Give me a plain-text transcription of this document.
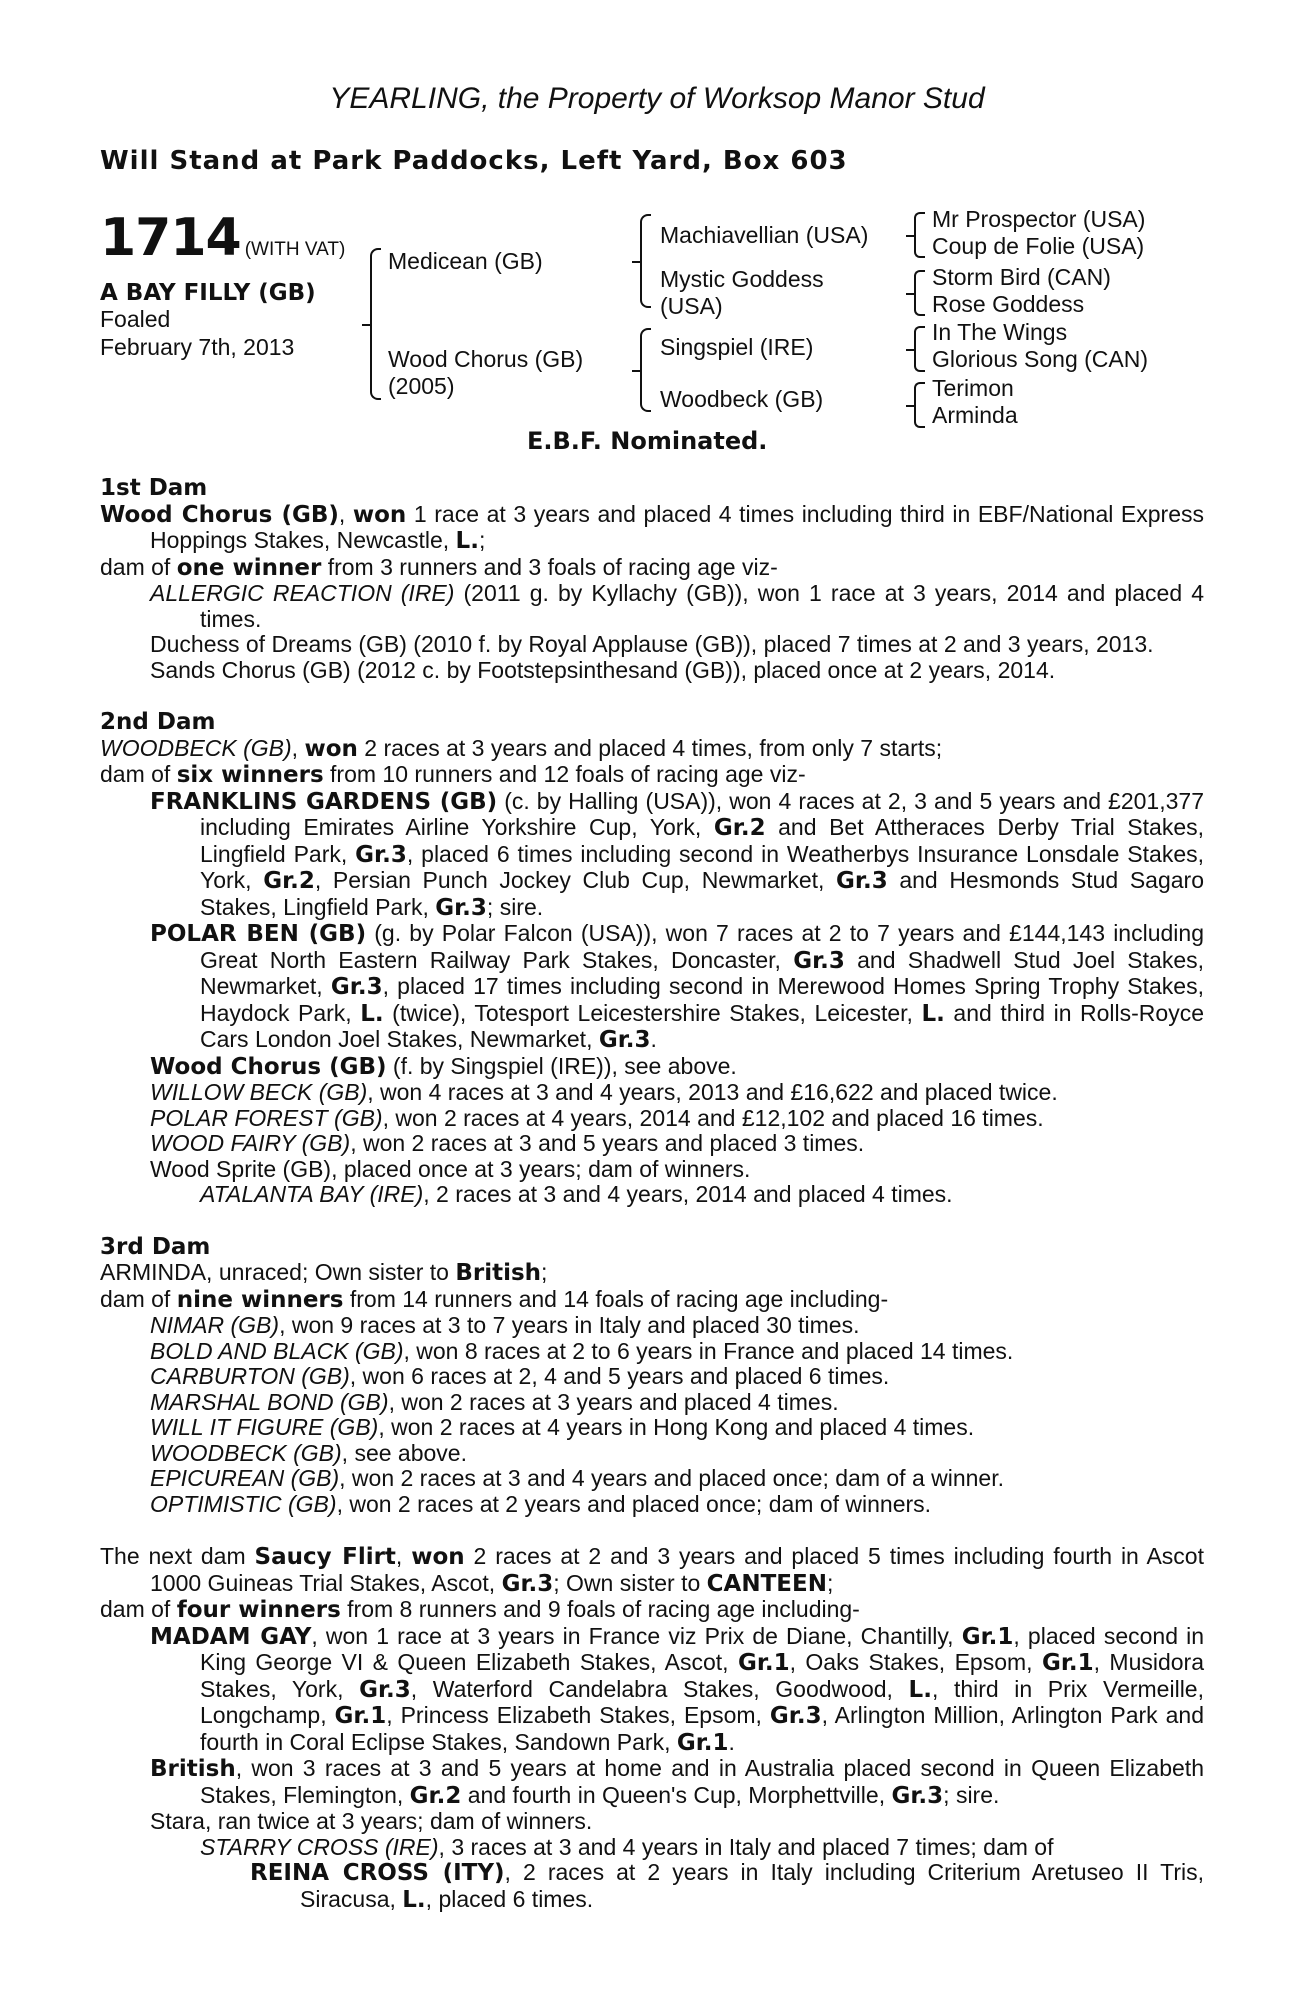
YEARLING, the Property of Worksop Manor Stud
Will Stand at Park Paddocks, Left Yard, Box 603
1714 (WITH VAT)
A BAY FILLY (GB)
Foaled
February 7th, 2013
Medicean (GB)
Wood Chorus (GB)
(2005)
Machiavellian (USA)
Mystic Goddess
(USA)
Singspiel (IRE)
Woodbeck (GB)
Mr Prospector (USA)
Coup de Folie (USA)
Storm Bird (CAN)
Rose Goddess
In The Wings
Glorious Song (CAN)
Terimon
Arminda
E.B.F. Nominated.

1st Dam

Wood Chorus (GB), won 1 race at 3 years and placed 4 times including third in EBF/National Express Hoppings Stakes, Newcastle, L.;

dam of one winner from 3 runners and 3 foals of racing age viz-

ALLERGIC REACTION (IRE) (2011 g. by Kyllachy (GB)), won 1 race at 3 years, 2014 and placed 4 times.

Duchess of Dreams (GB) (2010 f. by Royal Applause (GB)), placed 7 times at 2 and 3 years, 2013.

Sands Chorus (GB) (2012 c. by Footstepsinthesand (GB)), placed once at 2 years, 2014.

2nd Dam

WOODBECK (GB), won 2 races at 3 years and placed 4 times, from only 7 starts;

dam of six winners from 10 runners and 12 foals of racing age viz-

FRANKLINS GARDENS (GB) (c. by Halling (USA)), won 4 races at 2, 3 and 5 years and £201,377 including Emirates Airline Yorkshire Cup, York, Gr.2 and Bet Attheraces Derby Trial Stakes, Lingfield Park, Gr.3, placed 6 times including second in Weatherbys Insurance Lonsdale Stakes, York, Gr.2, Persian Punch Jockey Club Cup, Newmarket, Gr.3 and Hesmonds Stud Sagaro Stakes, Lingfield Park, Gr.3; sire.

POLAR BEN (GB) (g. by Polar Falcon (USA)), won 7 races at 2 to 7 years and £144,143 including Great North Eastern Railway Park Stakes, Doncaster, Gr.3 and Shadwell Stud Joel Stakes, Newmarket, Gr.3, placed 17 times including second in Merewood Homes Spring Trophy Stakes, Haydock Park, L. (twice), Totesport Leicestershire Stakes, Leicester, L. and third in Rolls-Royce Cars London Joel Stakes, Newmarket, Gr.3.

Wood Chorus (GB) (f. by Singspiel (IRE)), see above.

WILLOW BECK (GB), won 4 races at 3 and 4 years, 2013 and £16,622 and placed twice.

POLAR FOREST (GB), won 2 races at 4 years, 2014 and £12,102 and placed 16 times.

WOOD FAIRY (GB), won 2 races at 3 and 5 years and placed 3 times.

Wood Sprite (GB), placed once at 3 years; dam of winners.

ATALANTA BAY (IRE), 2 races at 3 and 4 years, 2014 and placed 4 times.

3rd Dam

ARMINDA, unraced; Own sister to British;

dam of nine winners from 14 runners and 14 foals of racing age including-

NIMAR (GB), won 9 races at 3 to 7 years in Italy and placed 30 times.

BOLD AND BLACK (GB), won 8 races at 2 to 6 years in France and placed 14 times.

CARBURTON (GB), won 6 races at 2, 4 and 5 years and placed 6 times.

MARSHAL BOND (GB), won 2 races at 3 years and placed 4 times.

WILL IT FIGURE (GB), won 2 races at 4 years in Hong Kong and placed 4 times.

WOODBECK (GB), see above.

EPICUREAN (GB), won 2 races at 3 and 4 years and placed once; dam of a winner.

OPTIMISTIC (GB), won 2 races at 2 years and placed once; dam of winners.

The next dam Saucy Flirt, won 2 races at 2 and 3 years and placed 5 times including fourth in Ascot 1000 Guineas Trial Stakes, Ascot, Gr.3; Own sister to CANTEEN;

dam of four winners from 8 runners and 9 foals of racing age including-

MADAM GAY, won 1 race at 3 years in France viz Prix de Diane, Chantilly, Gr.1, placed second in King George VI & Queen Elizabeth Stakes, Ascot, Gr.1, Oaks Stakes, Epsom, Gr.1, Musidora Stakes, York, Gr.3, Waterford Candelabra Stakes, Goodwood, L., third in Prix Vermeille, Longchamp, Gr.1, Princess Elizabeth Stakes, Epsom, Gr.3, Arlington Million, Arlington Park and fourth in Coral Eclipse Stakes, Sandown Park, Gr.1.

British, won 3 races at 3 and 5 years at home and in Australia placed second in Queen Elizabeth Stakes, Flemington, Gr.2 and fourth in Queen's Cup, Morphettville, Gr.3; sire.

Stara, ran twice at 3 years; dam of winners.

STARRY CROSS (IRE), 3 races at 3 and 4 years in Italy and placed 7 times; dam of

REINA CROSS (ITY), 2 races at 2 years in Italy including Criterium Aretuseo II Tris, Siracusa, L., placed 6 times.
